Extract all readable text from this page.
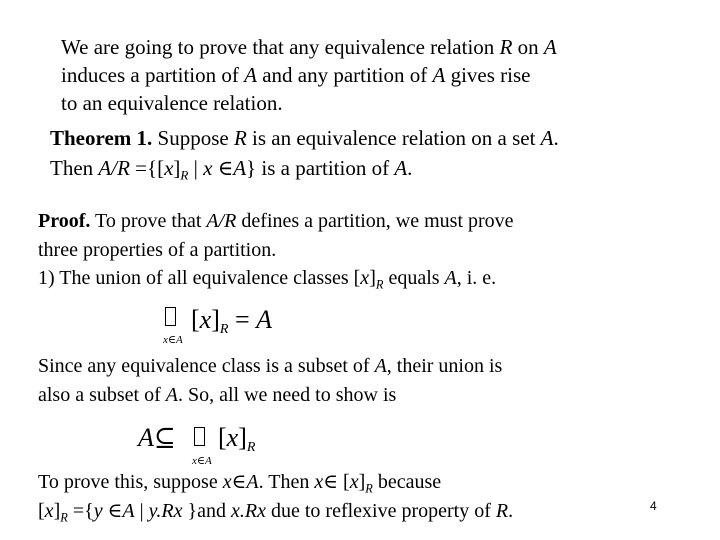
We are going to prove that any equivalence relation R on A
induces a partition of A and any partition of A gives rise
to an equivalence relation.
Theorem 1. Suppose R is an equivalence relation on a set A.
Then $A/R =\{[x]_R$ | x ∈A} is a partition of A.
Proof. To prove that A/R defines a partition, we must prove
three properties of a partition.
1) The union of all equivalence classes $[x]_R$ equals A, i. e.
$[x]_R = A$
x∈A
Since any equivalence class is a subset of A, their union is
also a subset of A. So, all we need to show is
A⊆ $[x]_R$
x∈A
To prove this, suppose x∈A. Then x∈ $[x]_R$ because
$[x]_R =\{y$ ∈A | y.Rx }and x.Rx due to reflexive property of R.	4
